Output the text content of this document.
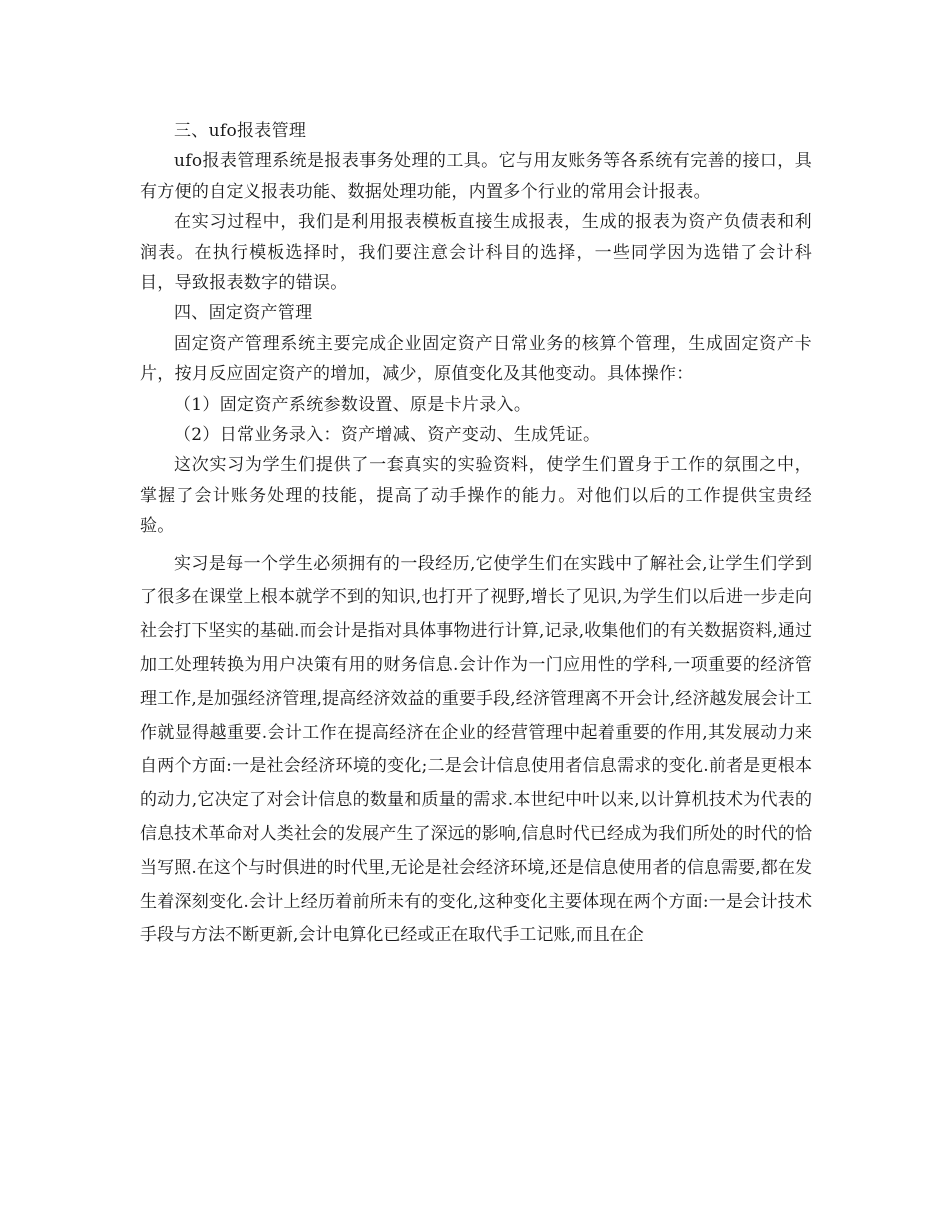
三、ufo报表管理

ufo报表管理系统是报表事务处理的工具。它与用友账务等各系统有完善的接口，具有方便的自定义报表功能、数据处理功能，内置多个行业的常用会计报表。

在实习过程中，我们是利用报表模板直接生成报表，生成的报表为资产负债表和利润表。在执行模板选择时，我们要注意会计科目的选择，一些同学因为选错了会计科目，导致报表数字的错误。

四、固定资产管理

固定资产管理系统主要完成企业固定资产日常业务的核算个管理，生成固定资产卡片，按月反应固定资产的增加，减少，原值变化及其他变动。具体操作：

（1）固定资产系统参数设置、原是卡片录入。

（2）日常业务录入：资产增减、资产变动、生成凭证。

这次实习为学生们提供了一套真实的实验资料，使学生们置身于工作的氛围之中，掌握了会计账务处理的技能，提高了动手操作的能力。对他们以后的工作提供宝贵经验。

实习是每一个学生必须拥有的一段经历,它使学生们在实践中了解社会,让学生们学到了很多在课堂上根本就学不到的知识,也打开了视野,增长了见识,为学生们以后进一步走向社会打下坚实的基础.而会计是指对具体事物进行计算,记录,收集他们的有关数据资料,通过加工处理转换为用户决策有用的财务信息.会计作为一门应用性的学科,一项重要的经济管理工作,是加强经济管理,提高经济效益的重要手段,经济管理离不开会计,经济越发展会计工作就显得越重要.会计工作在提高经济在企业的经营管理中起着重要的作用,其发展动力来自两个方面:一是社会经济环境的变化;二是会计信息使用者信息需求的变化.前者是更根本的动力,它决定了对会计信息的数量和质量的需求.本世纪中叶以来,以计算机技术为代表的信息技术革命对人类社会的发展产生了深远的影响,信息时代已经成为我们所处的时代的恰当写照.在这个与时俱进的时代里,无论是社会经济环境,还是信息使用者的信息需要,都在发生着深刻变化.会计上经历着前所未有的变化,这种变化主要体现在两个方面:一是会计技术手段与方法不断更新,会计电算化已经或正在取代手工记账,而且在企
